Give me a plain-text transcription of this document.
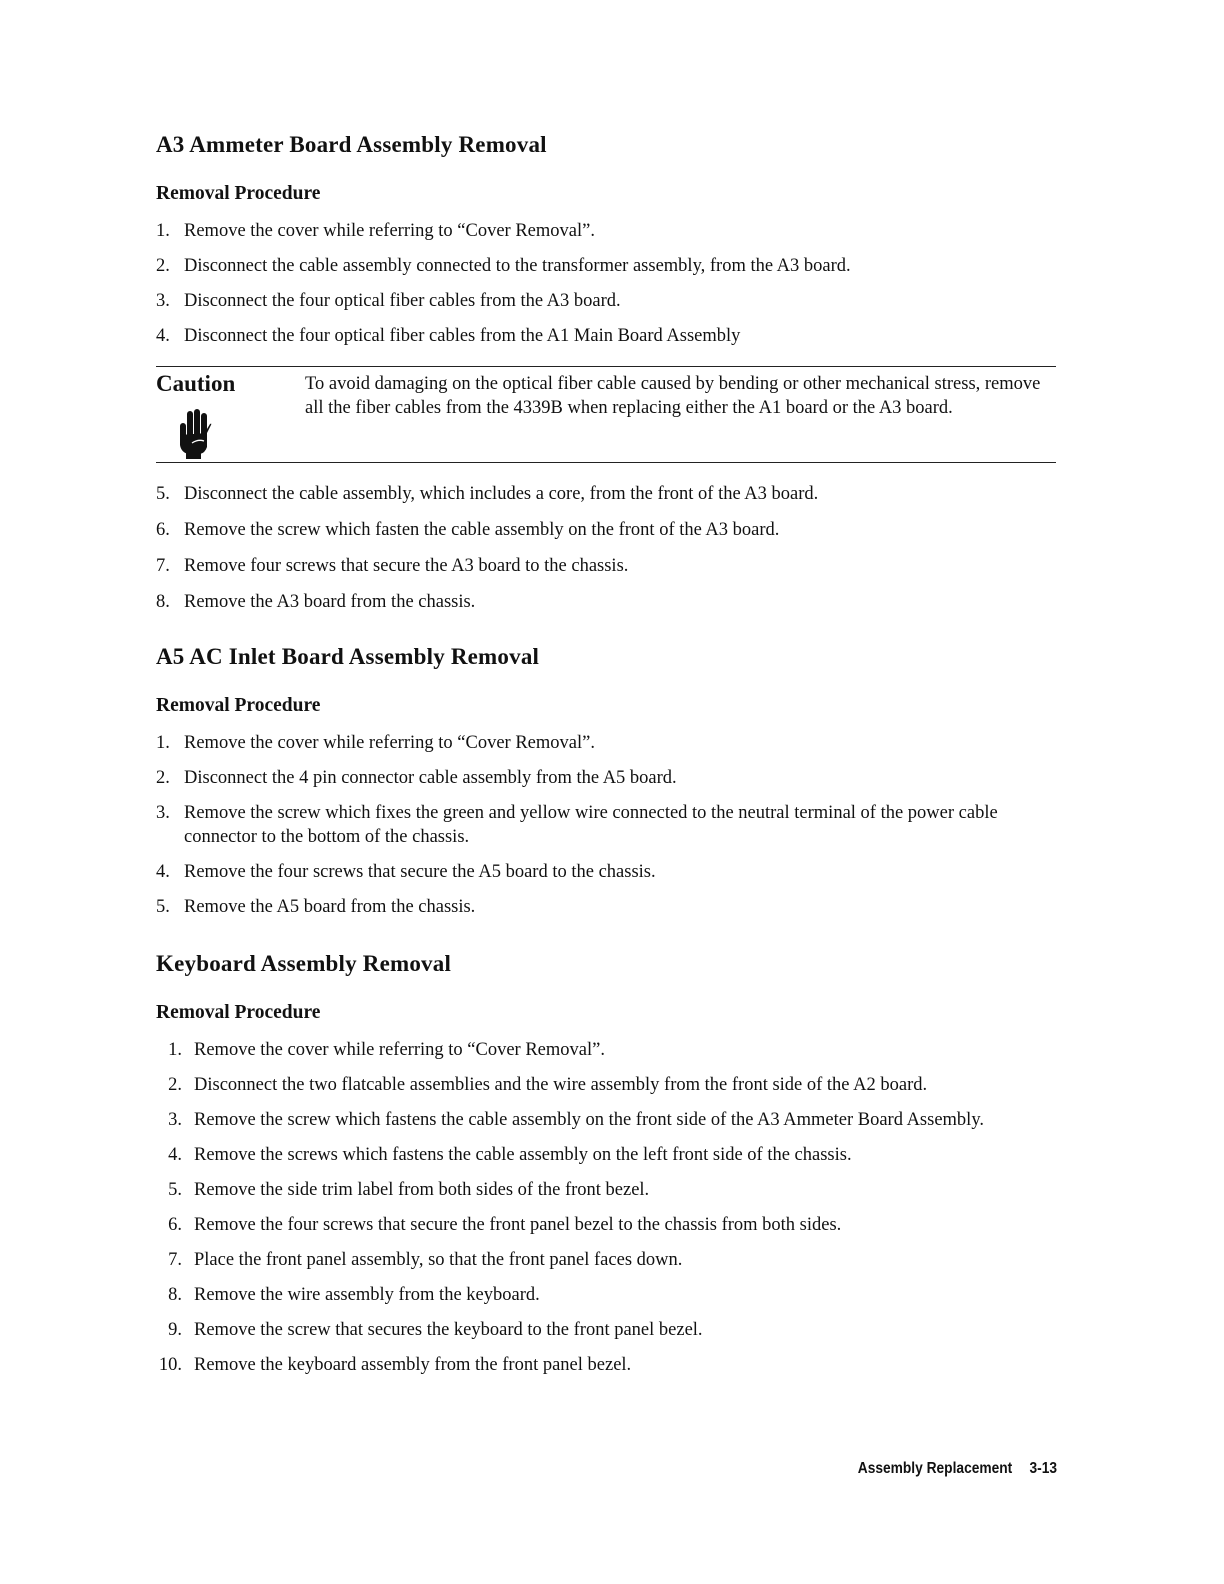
A3 Ammeter Board Assembly Removal
Removal Procedure
1. Remove the cover while referring to “Cover Removal”.
2. Disconnect the cable assembly connected to the transformer assembly, from the A3 board.
3. Disconnect the four optical fiber cables from the A3 board.
4. Disconnect the four optical fiber cables from the A1 Main Board Assembly
Caution	To avoid damaging on the optical fiber cable caused by bending or other mechanical stress, remove all the fiber cables from the 4339B when replacing either the A1 board or the A3 board.
5. Disconnect the cable assembly, which includes a core, from the front of the A3 board.
6. Remove the screw which fasten the cable assembly on the front of the A3 board.
7. Remove four screws that secure the A3 board to the chassis.
8. Remove the A3 board from the chassis.
A5 AC Inlet Board Assembly Removal
Removal Procedure
1. Remove the cover while referring to “Cover Removal”.
2. Disconnect the 4 pin connector cable assembly from the A5 board.
3. Remove the screw which fixes the green and yellow wire connected to the neutral terminal of the power cable connector to the bottom of the chassis.
4. Remove the four screws that secure the A5 board to the chassis.
5. Remove the A5 board from the chassis.
Keyboard Assembly Removal
Removal Procedure
1. Remove the cover while referring to “Cover Removal”.
2. Disconnect the two flatcable assemblies and the wire assembly from the front side of the A2 board.
3. Remove the screw which fastens the cable assembly on the front side of the A3 Ammeter Board Assembly.
4. Remove the screws which fastens the cable assembly on the left front side of the chassis.
5. Remove the side trim label from both sides of the front bezel.
6. Remove the four screws that secure the front panel bezel to the chassis from both sides.
7. Place the front panel assembly, so that the front panel faces down.
8. Remove the wire assembly from the keyboard.
9. Remove the screw that secures the keyboard to the front panel bezel.
10. Remove the keyboard assembly from the front panel bezel.
Assembly Replacement 3-13
